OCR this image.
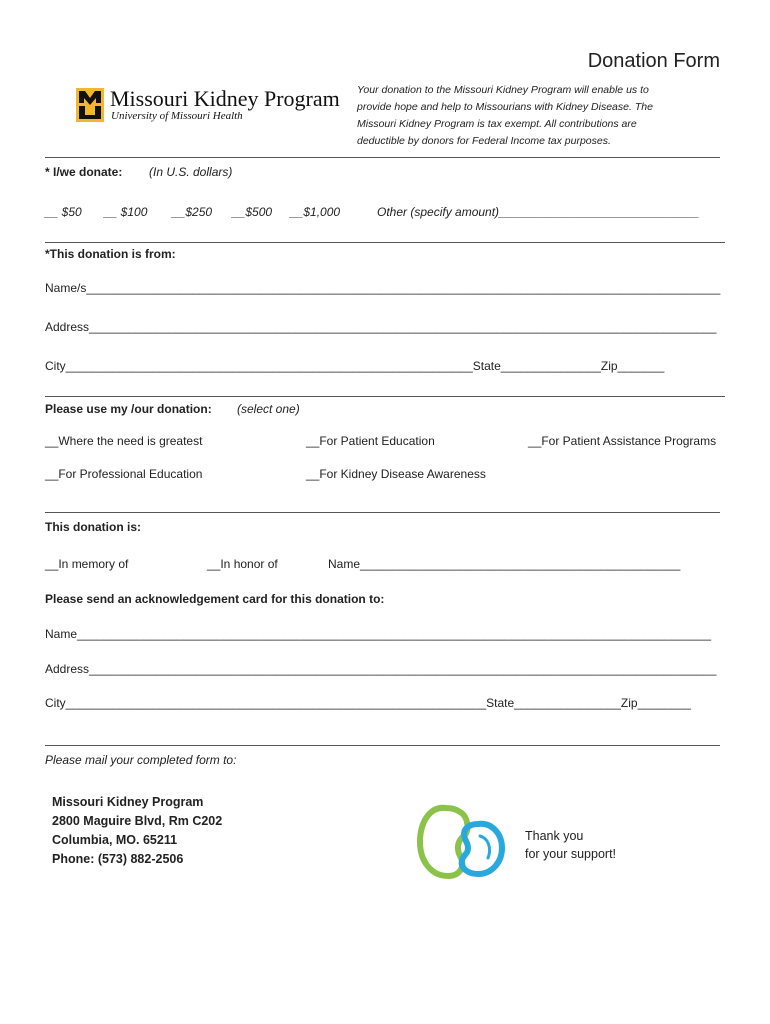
Donation Form
Missouri Kidney Program
University of Missouri Health
Your donation to the Missouri Kidney Program will enable us to
provide hope and help to Missourians with Kidney Disease. The
Missouri Kidney Program is tax exempt. All contributions are
deductible by donors for Federal Income tax purposes.
* I/we donate: (In U.S. dollars)
__ $50 __ $100 __$250 __$500 __$1,000	Other (specify amount)______________________________
*This donation is from:
Name/s_______________________________________________________________________________________________
Address______________________________________________________________________________________________
City_____________________________________________________________State_______________Zip_______
Please use my /our donation: (select one)
__Where the need is greatest	__For Patient Education	__For Patient Assistance Programs
__For Professional Education	__For Kidney Disease Awareness
This donation is:
__In memory of	__In honor of	Name________________________________________________
Please send an acknowledgement card for this donation to:
Name_______________________________________________________________________________________________
Address______________________________________________________________________________________________
City_______________________________________________________________State________________Zip________
Please mail your completed form to:
Missouri Kidney Program
2800 Maguire Blvd, Rm C202
Columbia, MO. 65211
Phone: (573) 882-2506
Thank you
for your support!
